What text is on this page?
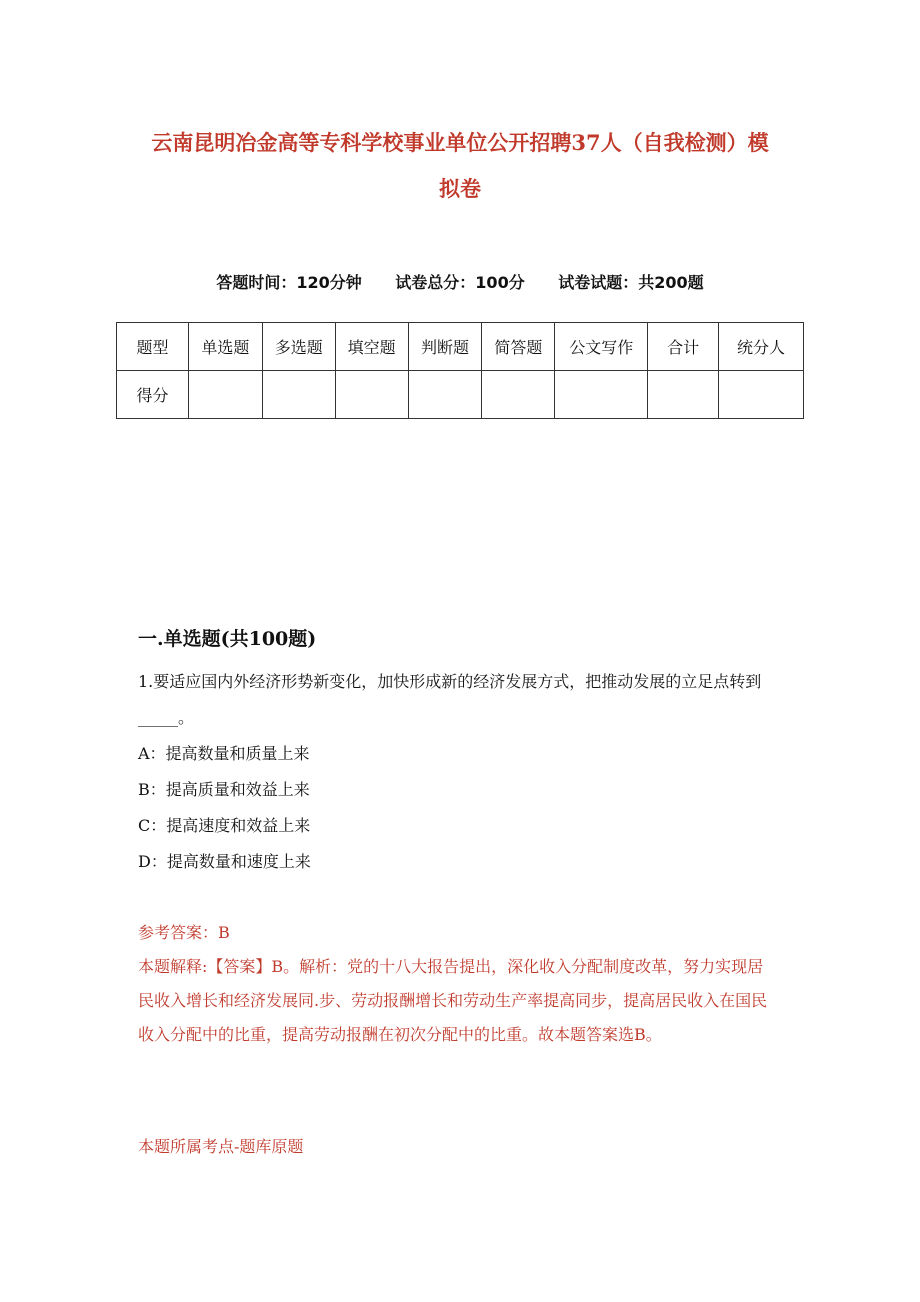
云南昆明冶金高等专科学校事业单位公开招聘37人（自我检测）模
拟卷
答题时间：120分钟 试卷总分：100分 试卷试题：共200题
题型	单选题	多选题	填空题	判断题	简答题	公文写作	合计	统分人
得分								
一.单选题(共100题)

1.要适应国内外经济形势新变化，加快形成新的经济发展方式，把推动发展的立足点转到_____。

A：提高数量和质量上来

B：提高质量和效益上来

C：提高速度和效益上来

D：提高数量和速度上来

参考答案：B

本题解释:【答案】B。解析：党的十八大报告提出，深化收入分配制度改革，努力实现居民收入增长和经济发展同.步、劳动报酬增长和劳动生产率提高同步，提高居民收入在国民收入分配中的比重，提高劳动报酬在初次分配中的比重。故本题答案选B。

本题所属考点-题库原题
